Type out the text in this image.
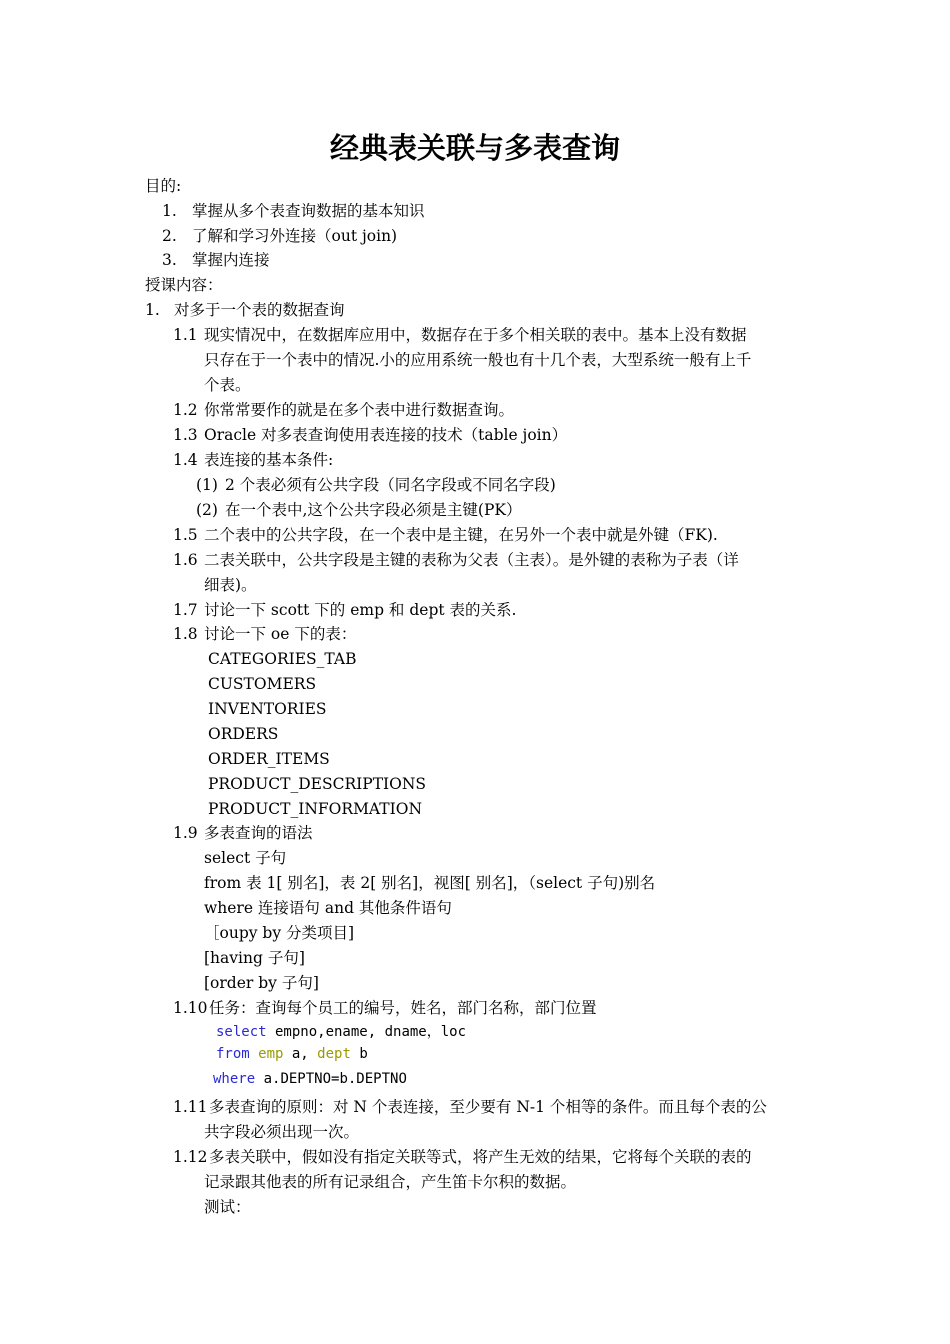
经典表关联与多表查询
目的:
1. 掌握从多个表查询数据的基本知识
2. 了解和学习外连接（out join)
3. 掌握内连接
授课内容：
1. 对多于一个表的数据查询
1.1 现实情况中，在数据库应用中，数据存在于多个相关联的表中。基本上没有数据
只存在于一个表中的情况.小的应用系统一般也有十几个表，大型系统一般有上千
个表。
1.2 你常常要作的就是在多个表中进行数据查询。
1.3 Oracle 对多表查询使用表连接的技术（table join）
1.4 表连接的基本条件:
(1) 2 个表必须有公共字段（同名字段或不同名字段)
(2) 在一个表中,这个公共字段必须是主键(PK）
1.5 二个表中的公共字段，在一个表中是主键，在另外一个表中就是外键（FK).
1.6 二表关联中，公共字段是主键的表称为父表（主表）。是外键的表称为子表（详
细表)。
1.7 讨论一下 scott 下的 emp 和 dept 表的关系.
1.8 讨论一下 oe 下的表：
CATEGORIES_TAB
CUSTOMERS
INVENTORIES
ORDERS
ORDER_ITEMS
PRODUCT_DESCRIPTIONS
PRODUCT_INFORMATION
1.9 多表查询的语法
select 子句
from 表 1[ 别名]，表 2[ 别名]，视图[ 别名]，（select 子句)别名
where 连接语句 and 其他条件语句
［oupy by 分类项目]
[having 子句]
[order by 子句]
1.10 任务：查询每个员工的编号，姓名，部门名称，部门位置
select empno,ename, dname，loc
from emp a, dept b
where a.DEPTNO=b.DEPTNO
1.11 多表查询的原则：对 N 个表连接，至少要有 N-1 个相等的条件。而且每个表的公
共字段必须出现一次。
1.12 多表关联中，假如没有指定关联等式，将产生无效的结果，它将每个关联的表的
记录跟其他表的所有记录组合，产生笛卡尔积的数据。
测试：
